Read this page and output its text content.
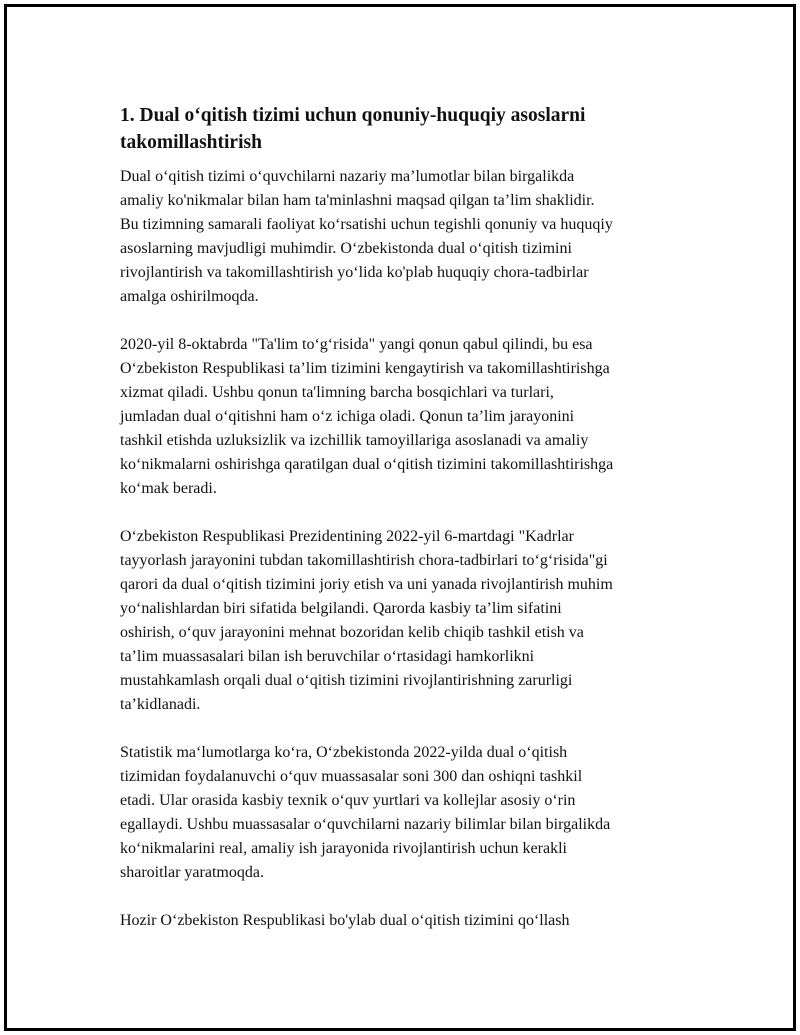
1. Dual o‘qitish tizimi uchun qonuniy-huquqiy asoslarni
takomillashtirish

Dual o‘qitish tizimi o‘quvchilarni nazariy ma’lumotlar bilan birgalikda
amaliy ko'nikmalar bilan ham ta'minlashni maqsad qilgan ta’lim shaklidir.
Bu tizimning samarali faoliyat ko‘rsatishi uchun tegishli qonuniy va huquqiy
asoslarning mavjudligi muhimdir. O‘zbekistonda dual o‘qitish tizimini
rivojlantirish va takomillashtirish yo‘lida ko'plab huquqiy chora-tadbirlar
amalga oshirilmoqda.

2020-yil 8-oktabrda "Ta'lim to‘g‘risida" yangi qonun qabul qilindi, bu esa
O‘zbekiston Respublikasi ta’lim tizimini kengaytirish va takomillashtirishga
xizmat qiladi. Ushbu qonun ta'limning barcha bosqichlari va turlari,
jumladan dual o‘qitishni ham o‘z ichiga oladi. Qonun ta’lim jarayonini
tashkil etishda uzluksizlik va izchillik tamoyillariga asoslanadi va amaliy
ko‘nikmalarni oshirishga qaratilgan dual o‘qitish tizimini takomillashtirishga
ko‘mak beradi.

O‘zbekiston Respublikasi Prezidentining 2022-yil 6-martdagi "Kadrlar
tayyorlash jarayonini tubdan takomillashtirish chora-tadbirlari to‘g‘risida"gi
qarori da dual o‘qitish tizimini joriy etish va uni yanada rivojlantirish muhim
yo‘nalishlardan biri sifatida belgilandi. Qarorda kasbiy ta’lim sifatini
oshirish, o‘quv jarayonini mehnat bozoridan kelib chiqib tashkil etish va
ta’lim muassasalari bilan ish beruvchilar o‘rtasidagi hamkorlikni
mustahkamlash orqali dual o‘qitish tizimini rivojlantirishning zarurligi
ta’kidlanadi.

Statistik ma‘lumotlarga ko‘ra, O‘zbekistonda 2022-yilda dual o‘qitish
tizimidan foydalanuvchi o‘quv muassasalar soni 300 dan oshiqni tashkil
etadi. Ular orasida kasbiy texnik o‘quv yurtlari va kollejlar asosiy o‘rin
egallaydi. Ushbu muassasalar o‘quvchilarni nazariy bilimlar bilan birgalikda
ko‘nikmalarini real, amaliy ish jarayonida rivojlantirish uchun kerakli
sharoitlar yaratmoqda.

Hozir O‘zbekiston Respublikasi bo'ylab dual o‘qitish tizimini qo‘llash
